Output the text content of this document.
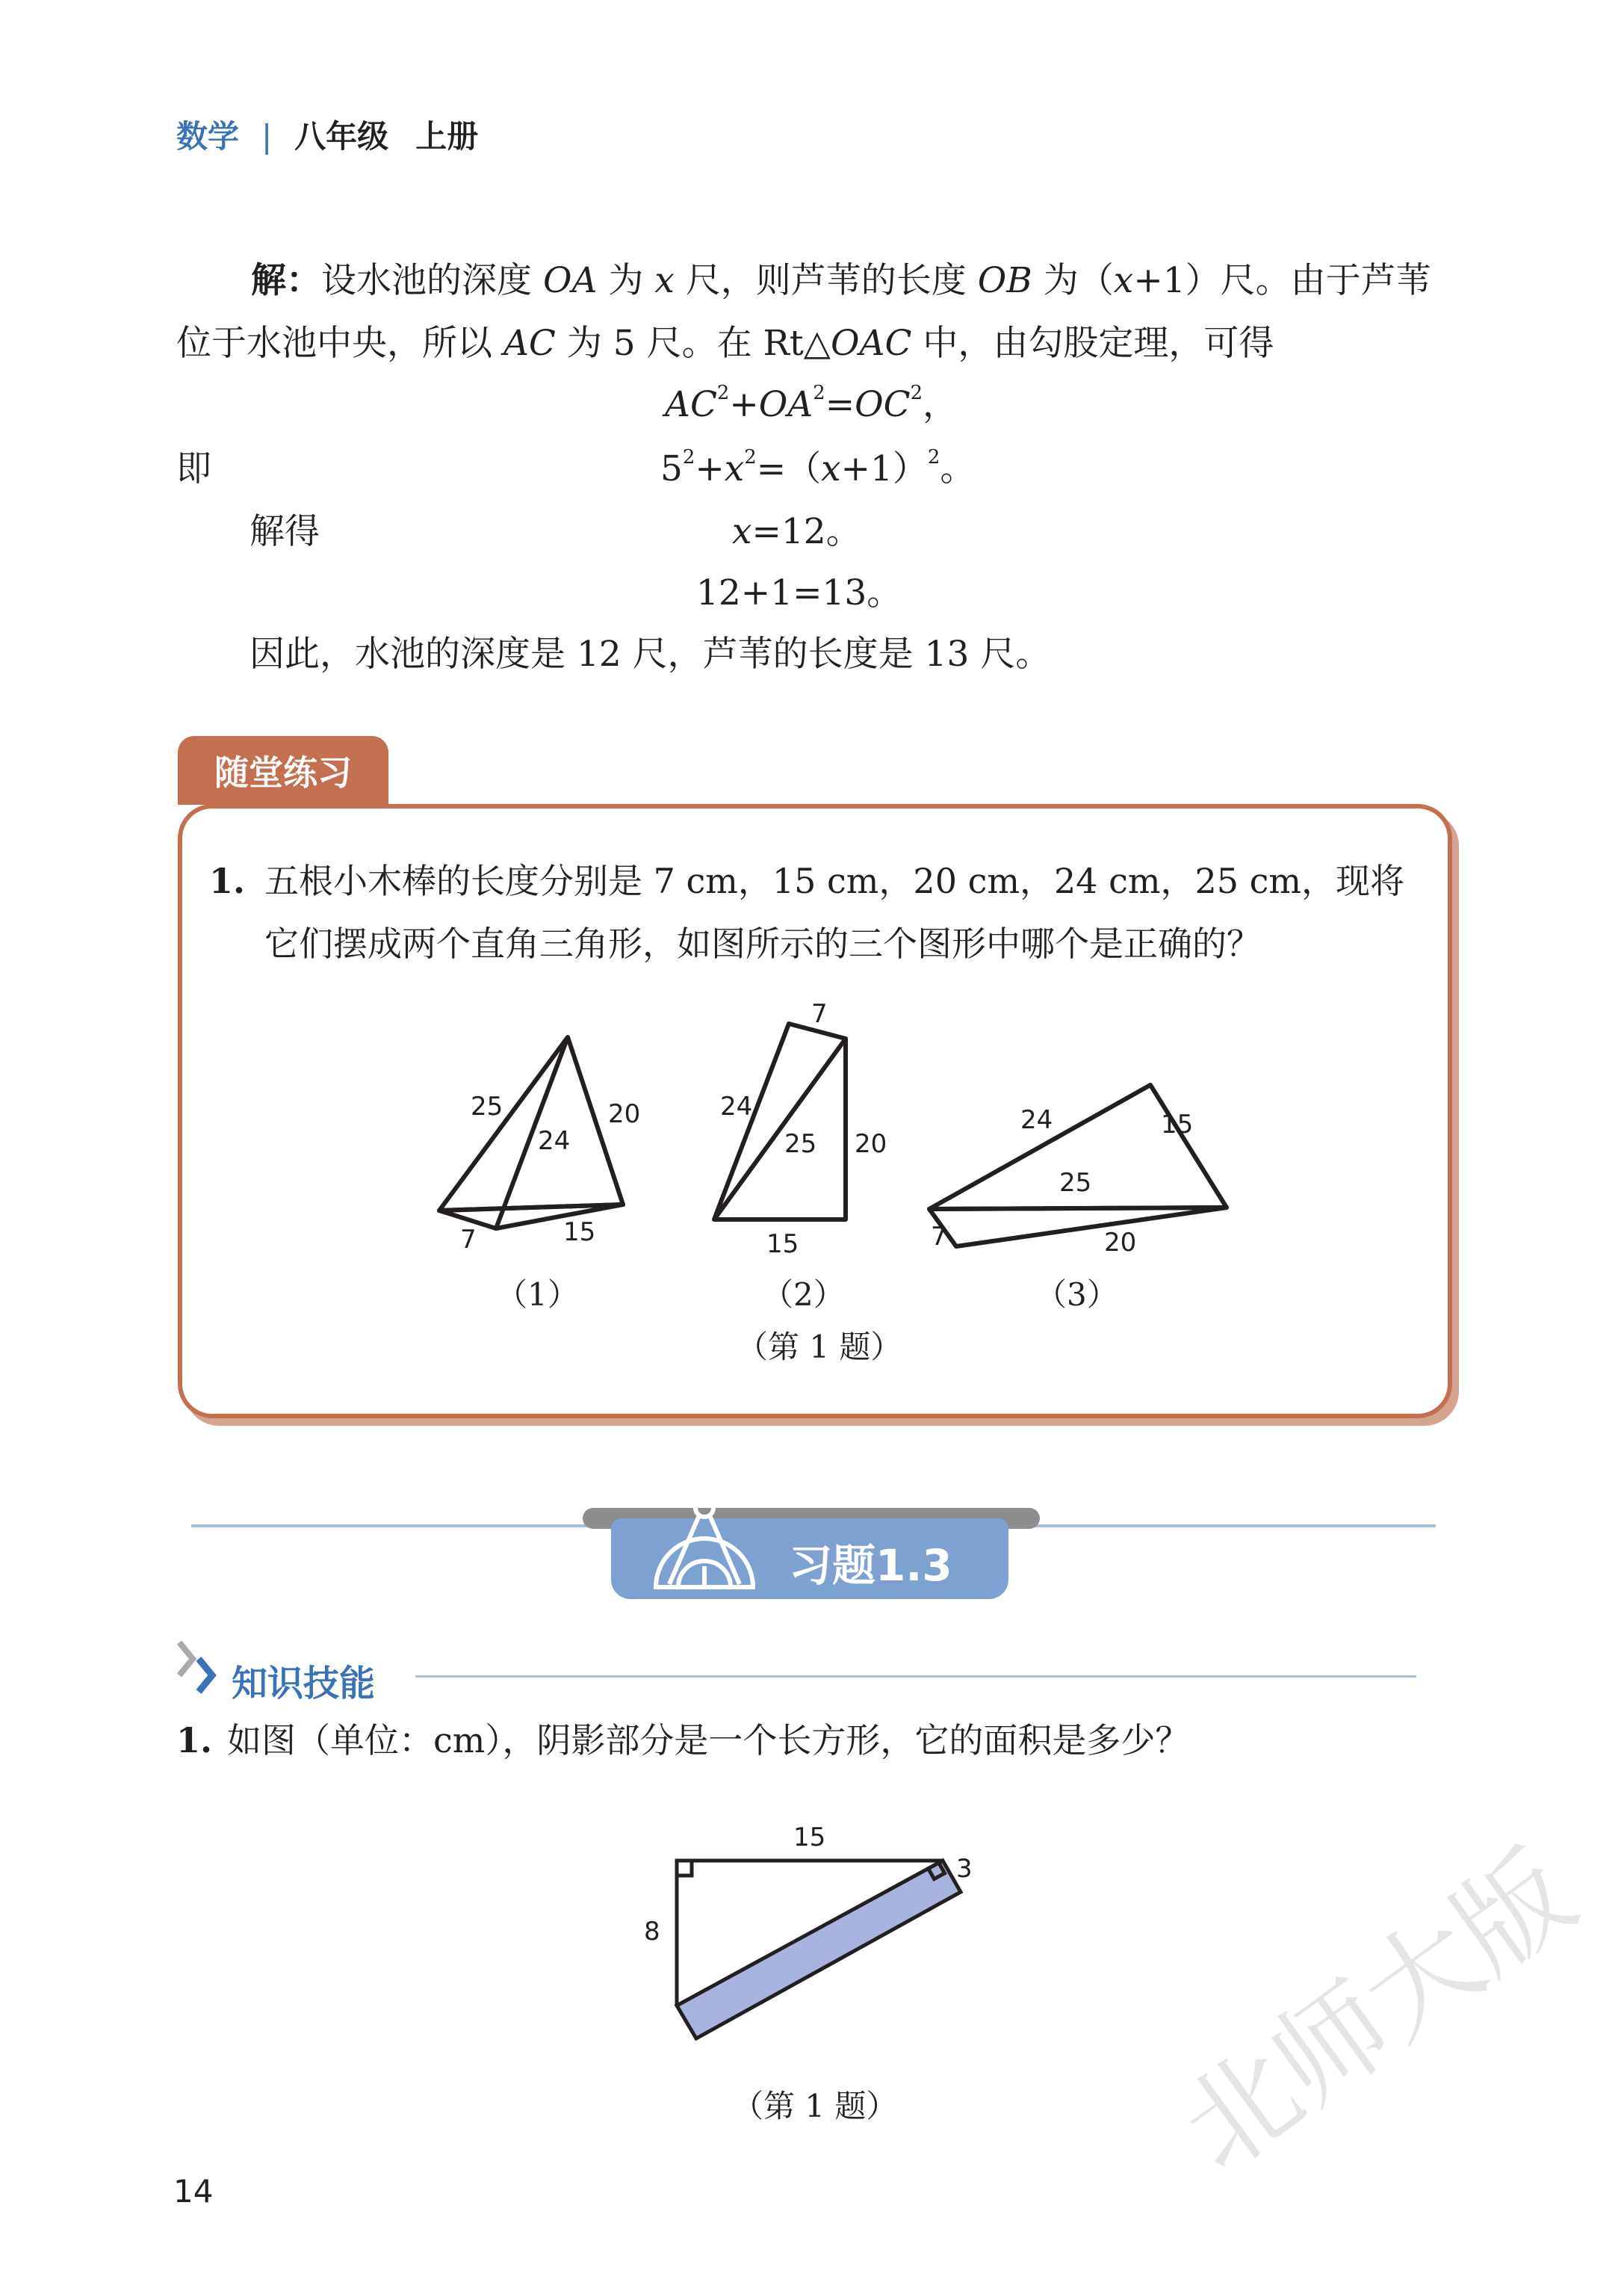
数学 | 八年级 上册
解：设水池的深度 OA 为 x 尺，则芦苇的长度 OB 为（x+1）尺。由于芦苇
位于水池中央，所以 AC 为 5 尺。在 Rt△OAC 中，由勾股定理，可得
$AC^2+OA^2=OC^2$，
即	$5^2+x^2=(x+1)^2$。
解得	x=12。
12+1=13。
因此，水池的深度是 12 尺，芦苇的长度是 13 尺。
随堂练习
1. 五根小木棒的长度分别是 7 cm，15 cm，20 cm，24 cm，25 cm，现将
它们摆成两个直角三角形，如图所示的三个图形中哪个是正确的？
25	20
24
7	15
7
24
25 20
15
24	15
25
7	20
（1）	（2）	（3）
（第 1 题）
习题1.3
知识技能
1. 如图（单位：cm），阴影部分是一个长方形，它的面积是多少？
15
8
3
（第 1 题）
14	北师大版
